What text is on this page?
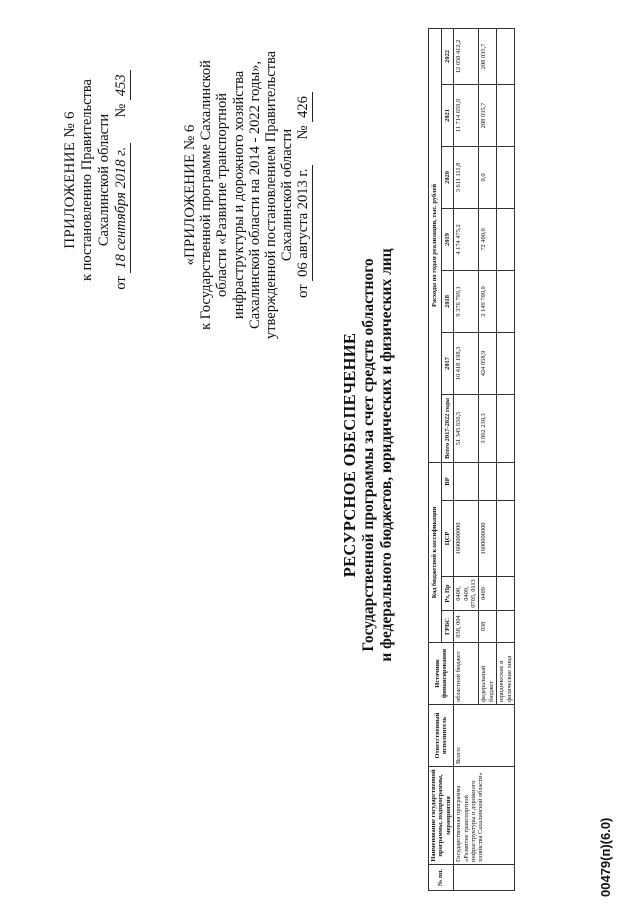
ПРИЛОЖЕНИЕ № 6 к постановлению Правительства Сахалинской области
от 18 сентября 2018 г.  № 453
«ПРИЛОЖЕНИЕ № 6 к Государственной программе Сахалинской области «Развитие транспортной инфраструктуры и дорожного хозяйства Сахалинской области на 2014 - 2022 годы», утвержденной постановлением Правительства Сахалинской области
от 06 августа 2013 г.  № 426
РЕСУРСНОЕ ОБЕСПЕЧЕНИЕ Государственной программы за счет средств областного и федерального бюджетов, юридических и физических лиц
№ пп.	Наименование государственной программы, подпрограммы, мероприятия	Ответственный исполнитель	Источник финансирования	Код бюджетной классификации				Расходы по годам реализации, тыс. рублей						
				ГРБС	Рз, Пр	ЦСР	ВР	Всего 2017-2022 годы	2017	2018	2019	2020	2021	2022
	Государственная программа «Развитие транспортной инфраструктуры и дорожного хозяйства Сахалинской области»	Всего:	областной бюджет	038, 004	0408, 0409, 0705, 0113	1600000000		51 345 656,5	10 418 198,3	9 376 799,1	4 174 475,2	3 611 111,8	11 714 659,9	12 050 412,2
			федеральный бюджет	038	0409	1600000000		3 062 230,3	424 058,9	2 149 700,0	72 400,0	0,0	208 035,7	208 035,7
			юридические и физические лица											
00479(п)(6.0)
